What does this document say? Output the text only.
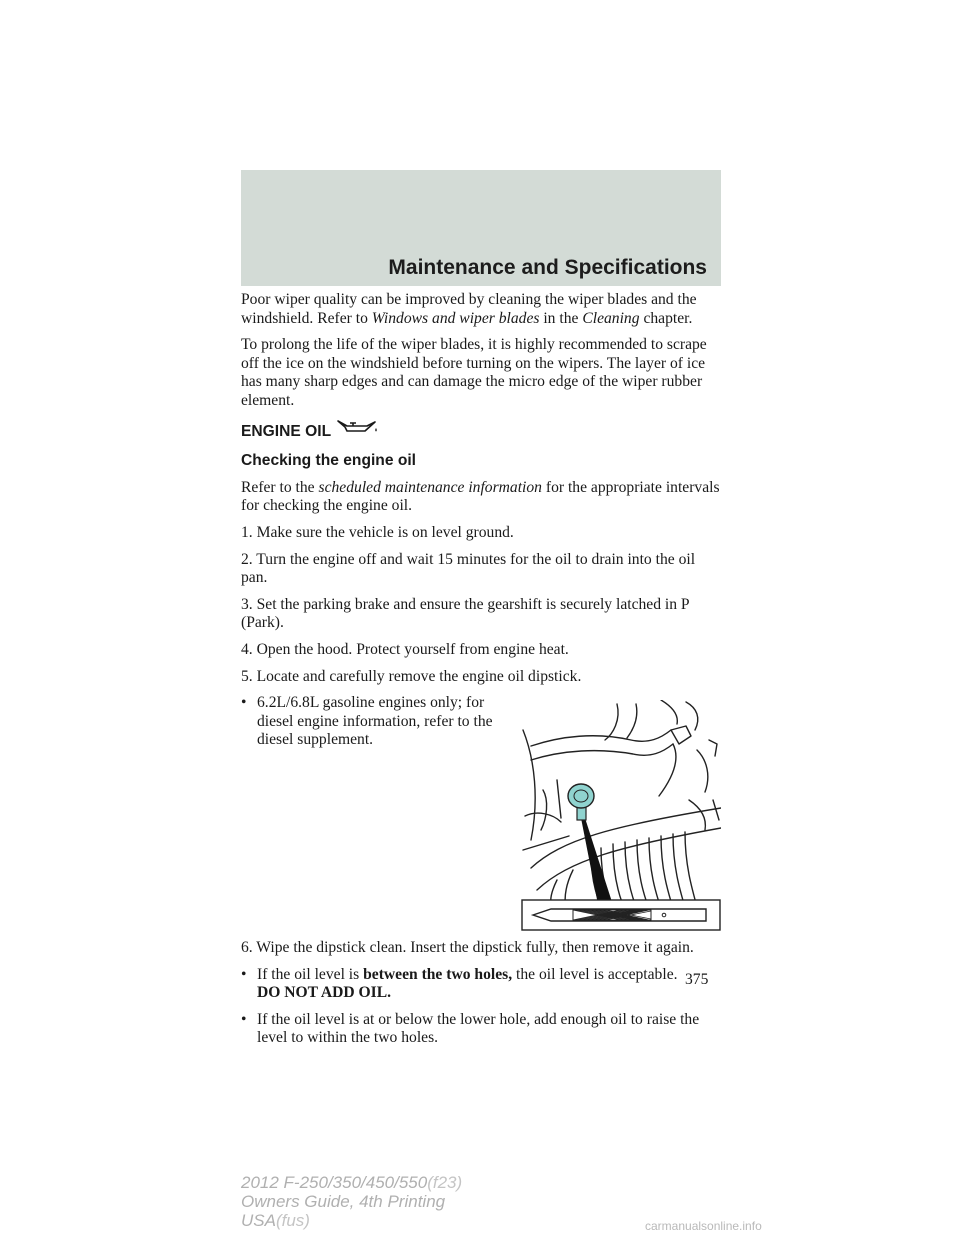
Maintenance and Specifications

Poor wiper quality can be improved by cleaning the wiper blades and the windshield. Refer to Windows and wiper blades in the Cleaning chapter.

To prolong the life of the wiper blades, it is highly recommended to scrape off the ice on the windshield before turning on the wipers. The layer of ice has many sharp edges and can damage the micro edge of the wiper rubber element.

ENGINE OIL
Checking the engine oil

Refer to the scheduled maintenance information for the appropriate intervals for checking the engine oil.

1. Make sure the vehicle is on level ground.

2. Turn the engine off and wait 15 minutes for the oil to drain into the oil pan.

3. Set the parking brake and ensure the gearshift is securely latched in P (Park).

4. Open the hood. Protect yourself from engine heat.

5. Locate and carefully remove the engine oil dipstick.

• 6.2L/6.8L gasoline engines only; for diesel engine information, refer to the diesel supplement.

6. Wipe the dipstick clean. Insert the dipstick fully, then remove it again.

• If the oil level is between the two holes, the oil level is acceptable.
DO NOT ADD OIL.

• If the oil level is at or below the lower hole, add enough oil to raise the level to within the two holes.

375
2012 F-250/350/450/550(f23)
Owners Guide, 4th Printing
USA(fus)	carmanualsonline.info
